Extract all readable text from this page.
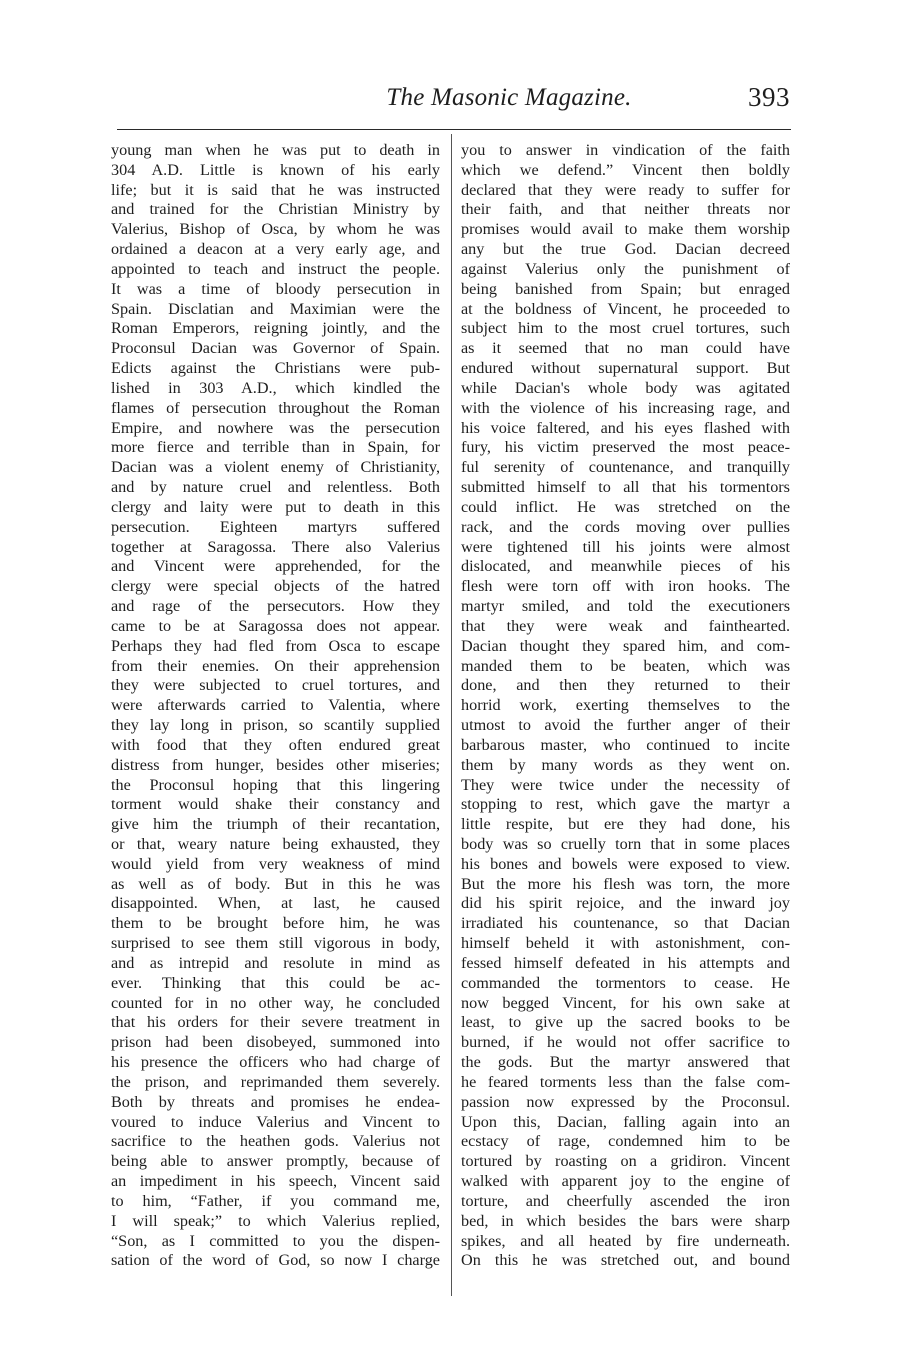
The Masonic Magazine.	393
young man when he was put to death in
304 A.D. Little is known of his early
life; but it is said that he was instructed
and trained for the Christian Ministry by
Valerius, Bishop of Osca, by whom he was
ordained a deacon at a very early age, and
appointed to teach and instruct the people.
It was a time of bloody persecution in
Spain. Disclatian and Maximian were the
Roman Emperors, reigning jointly, and the
Proconsul Dacian was Governor of Spain.
Edicts against the Christians were pub-
lished in 303 A.D., which kindled the
flames of persecution throughout the Roman
Empire, and nowhere was the persecution
more fierce and terrible than in Spain, for
Dacian was a violent enemy of Christianity,
and by nature cruel and relentless. Both
clergy and laity were put to death in this
persecution. Eighteen martyrs suffered
together at Saragossa. There also Valerius
and Vincent were apprehended, for the
clergy were special objects of the hatred
and rage of the persecutors. How they
came to be at Saragossa does not appear.
Perhaps they had fled from Osca to escape
from their enemies. On their apprehension
they were subjected to cruel tortures, and
were afterwards carried to Valentia, where
they lay long in prison, so scantily supplied
with food that they often endured great
distress from hunger, besides other miseries;
the Proconsul hoping that this lingering
torment would shake their constancy and
give him the triumph of their recantation,
or that, weary nature being exhausted, they
would yield from very weakness of mind
as well as of body. But in this he was
disappointed. When, at last, he caused
them to be brought before him, he was
surprised to see them still vigorous in body,
and as intrepid and resolute in mind as
ever. Thinking that this could be ac-
counted for in no other way, he concluded
that his orders for their severe treatment in
prison had been disobeyed, summoned into
his presence the officers who had charge of
the prison, and reprimanded them severely.
Both by threats and promises he endea-
voured to induce Valerius and Vincent to
sacrifice to the heathen gods. Valerius not
being able to answer promptly, because of
an impediment in his speech, Vincent said
to him, “Father, if you command me,
I will speak;” to which Valerius replied,
“Son, as I committed to you the dispen-
sation of the word of God, so now I charge
you to answer in vindication of the faith
which we defend.” Vincent then boldly
declared that they were ready to suffer for
their faith, and that neither threats nor
promises would avail to make them worship
any but the true God. Dacian decreed
against Valerius only the punishment of
being banished from Spain; but enraged
at the boldness of Vincent, he proceeded to
subject him to the most cruel tortures, such
as it seemed that no man could have
endured without supernatural support. But
while Dacian's whole body was agitated
with the violence of his increasing rage, and
his voice faltered, and his eyes flashed with
fury, his victim preserved the most peace-
ful serenity of countenance, and tranquilly
submitted himself to all that his tormentors
could inflict. He was stretched on the
rack, and the cords moving over pullies
were tightened till his joints were almost
dislocated, and meanwhile pieces of his
flesh were torn off with iron hooks. The
martyr smiled, and told the executioners
that they were weak and fainthearted.
Dacian thought they spared him, and com-
manded them to be beaten, which was
done, and then they returned to their
horrid work, exerting themselves to the
utmost to avoid the further anger of their
barbarous master, who continued to incite
them by many words as they went on.
They were twice under the necessity of
stopping to rest, which gave the martyr a
little respite, but ere they had done, his
body was so cruelly torn that in some places
his bones and bowels were exposed to view.
But the more his flesh was torn, the more
did his spirit rejoice, and the inward joy
irradiated his countenance, so that Dacian
himself beheld it with astonishment, con-
fessed himself defeated in his attempts and
commanded the tormentors to cease. He
now begged Vincent, for his own sake at
least, to give up the sacred books to be
burned, if he would not offer sacrifice to
the gods. But the martyr answered that
he feared torments less than the false com-
passion now expressed by the Proconsul.
Upon this, Dacian, falling again into an
ecstacy of rage, condemned him to be
tortured by roasting on a gridiron. Vincent
walked with apparent joy to the engine of
torture, and cheerfully ascended the iron
bed, in which besides the bars were sharp
spikes, and all heated by fire underneath.
On this he was stretched out, and bound
